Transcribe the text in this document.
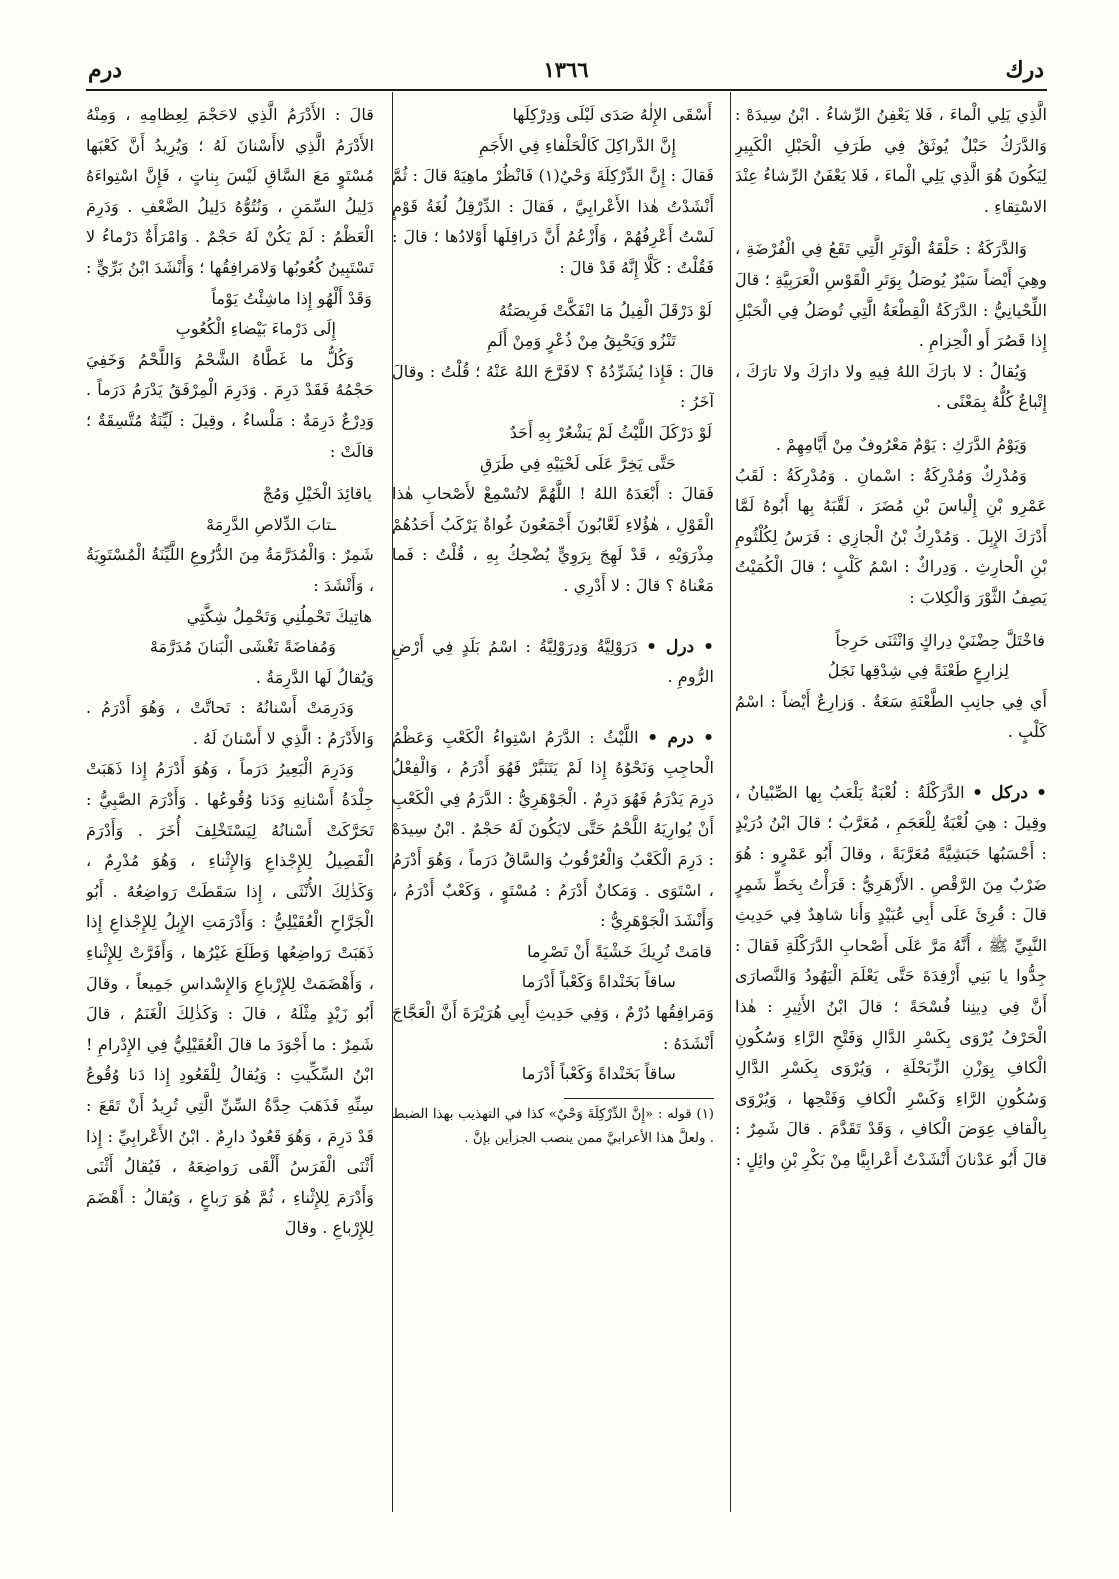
درك
١٣٦٦
درم

الَّذِي يَلِي الْماءَ ، فَلا يَعْفِنُ الرِّشاءُ . ابْنُ سِيدَهْ : وَالدَّرَكُ حَبْلٌ يُوثَقُ فِي طَرَفِ الْحَبْلِ الْكَبِيرِ لِيَكُونَ هُوَ الَّذِي يَلِي الْماءَ ، فَلا يَعْفَنُ الرِّشاءُ عِنْدَ الاسْتِقاءِ .

وَالدَّرَكَةُ : حَلْقَةُ الْوَتَرِ الَّتِي تَقَعُ فِي الْفُرْضَةِ ، وهِيَ أَيْضاً سَيْرٌ يُوصَلُ بِوَتَرِ الْقَوْسِ الْعَرَبِيَّةِ ؛ قالَ اللِّحْيانِيُّ : الدَّرَكَةُ الْقِطْعَةُ الَّتِي تُوصَلُ فِي الْحَبْلِ إِذا قَصُرَ أَو الْحِزامِ .

وَيُقالُ : لا بارَكَ اللهُ فِيهِ ولا دارَكَ ولا تارَكَ ، إِتْباعٌ كُلُّهُ بِمَعْنًى .

وَيَوْمُ الدَّرَكِ : يَوْمٌ مَعْرُوفٌ مِنْ أَيَّامِهِمْ .

وَمُدْرِكٌ وَمُدْرِكَةُ : اسْمانِ . وَمُدْرِكَةُ : لَقَبُ عَمْرِو بْنِ إِلْياسَ بْنِ مُضَرَ ، لَقَّبَهُ بِها أَبُوهُ لَمَّا أَدْرَكَ الإِبِلَ . وَمُدْرِكُ بْنُ الْجازِي : فَرَسُ لِكُلْثُومِ بْنِ الْحارِثِ . وَدِراكٌ : اسْمُ كَلْبٍ ؛ قالَ الْكُمَيْتُ يَصِفُ الثَّوْرَ وَالْكِلابَ :

فاخْتَلَّ حِضْنَيْ دِراكٍ وَانْثَنَى حَرِجاً
لِزارِعٍ طَعْنَةً فِي شِدْقِها نَجَلُ

أَي فِي جانِبِ الطَّعْنَةِ سَعَةٌ . وَزارِعٌ أَيْضاً : اسْمُ كَلْبٍ .

• دركل • الدَّرَكْلَةُ : لُعْبَةٌ يَلْعَبُ بِها الصِّبْيانُ ، وقِيلَ : هِيَ لُعْبَةٌ لِلْعَجَمِ ، مُعَرَّبٌ ؛ قالَ ابْنُ دُرَيْدٍ : أَحْسَبُها حَبَشِيَّةً مُعَرَّبَةً ، وقالَ أَبُو عَمْرٍو : هُوَ ضَرْبٌ مِنَ الرَّقْصِ . الأَزْهَرِيُّ : قَرَأْتُ بِخَطِّ شَمِرٍ قالَ : قُرِئَ عَلَى أَبِي عُبَيْدٍ وَأَنا شاهِدٌ فِي حَدِيثِ النَّبِيِّ ﷺ ، أَنَّهُ مَرَّ عَلَى أَصْحابِ الدَّرَكْلَةِ فَقالَ : جِدُّوا يا بَنِي أَرْفِدَةَ حَتَّى يَعْلَمَ الْيَهُودُ وَالنَّصارَى أَنَّ فِي دِينِنا فُسْحَةً ؛ قالَ ابْنُ الأَثِيرِ : هٰذا الْحَرْفُ يُرْوَى بِكَسْرِ الدَّالِ وَفَتْحِ الرَّاءِ وَسُكُونِ الْكافِ بِوَزْنِ الزِّبَحْلَةِ ، وَيُرْوَى بِكَسْرِ الدَّالِ وَسُكُونِ الرَّاءِ وَكَسْرِ الْكافِ وَفَتْحِها ، وَيُرْوَى بِالْقافِ عِوَضَ الْكافِ ، وَقَدْ تَقَدَّمَ . قالَ شَمِرٌ : قالَ أَبُو عَدْنانَ أَنْشَدْتُ أَعْرابِيًّا مِنْ بَكْرِ بْنِ وائِلٍ :

أَسْقَى الإِلٰهُ صَدَى لَيْلَى وَدِرْكِلَها
إِنَّ الدَّراكِلَ كَالْحَلْفاءِ فِي الأَجَمِ

فَقالَ : إِنَّ الدِّرْكِلَةَ وَحْيٌ(١) فَانْظُرْ ماهِيَهْ قالَ : ثُمَّ أَنْشَدْتُ هٰذا الأَعْرابِيَّ ، فَقالَ : الدِّرْقِلُ لُغَةُ قَوْمٍ لَسْتُ أَعْرِفُهُمْ ، وَأَزْعُمُ أَنَّ دَراقِلَها أَوْلادُها ؛ قالَ : فَقُلْتُ : كَلَّا إِنَّهُ قَدْ قالَ :

لَوْ دَرْقَلَ الْفِيلُ مَا انْفَكَّتْ فَرِيصَتُهُ
تَنْزُو وَيَحْبِقُ مِنْ ذُعْرٍ وَمِنْ أَلَمِ

قالَ : فَإِذا يُشَرِّدُهُ ؟ لافَرَّجَ اللهُ عَنْهُ ؛ قُلْتُ : وقالَ آخَرُ :

لَوْ دَرْكَلَ اللَّيْثُ لَمْ يَشْعُرْ بِهِ أَحَدٌ
حَتَّى يَخِرَّ عَلَى لَحْيَيْهِ فِي طَرَقِ

فَقالَ : أَبْعَدَهُ اللهُ ! اللَّهُمَّ لاتُسْمِعْ لأَصْحابِ هٰذا الْقَوْلِ ، هٰؤُلاءِ لَعَّابُونَ أَجْمَعُونَ غُواةٌ يَرْكَبُ أَحَدُهُمْ مِذْرَوَيْهِ ، قَدْ لَهِجَ بِرَوِيٍّ يُضْحِكُ بِهِ ، قُلْتُ : فَما مَعْناهُ ؟ قالَ : لا أَدْرِي .

• درل • دَرَوْلِيَّةُ وَدِرَوْلِيَّةُ : اسْمُ بَلَدٍ فِي أَرْضِ الرُّومِ .

• درم • اللَّيْثُ : الدَّرَمُ اسْتِواءُ الْكَعْبِ وَعَظْمُ الْحاجِبِ وَنَحْوُهُ إِذا لَمْ يَتَنَبَّرْ فَهُوَ أَدْرَمُ ، وَالْفِعْلُ دَرِمَ يَدْرَمُ فَهُوَ دَرِمٌ . الْجَوْهَرِيُّ : الدَّرَمُ فِي الْكَعْبِ أَنْ يُوارِيَهُ اللَّحْمُ حَتَّى لايَكُونَ لَهُ حَجْمٌ . ابْنُ سِيدَهْ : دَرِمَ الْكَعْبُ وَالْعُرْقُوبُ وَالسَّاقُ دَرَماً ، وَهُوَ أَدْرَمُ ، اسْتَوَى . وَمَكانٌ أَدْرَمُ : مُسْتَوٍ ، وَكَعْبٌ أَدْرَمُ ، وَأَنْشَدَ الْجَوْهَرِيُّ :

قامَتْ تُرِيكَ خَشْيَةً أَنْ تَصْرِما
ساقاً بَخَنْداةً وَكَعْباً أَدْرَما

وَمَرافِقُها دُرْمٌ ، وَفِي حَدِيثِ أَبِي هُرَيْرَةَ أَنَّ الْعَجَّاجَ أَنْشَدَهُ :

ساقاً بَخَنْداةً وَكَعْباً أَدْرَما

(١) قوله : «إِنَّ الدِّرْكِلَةَ وَحْيٌ» كذا في التهذيب بهذا الضبط . ولعلَّ هذا الأعرابيَّ ممن ينصب الجزأين بإنَّ .

قالَ : الأَدْرَمُ الَّذِي لاحَجْمَ لِعِظامِهِ ، وَمِنْهُ الأَدْرَمُ الَّذِي لاأَسْنانَ لَهُ ؛ وَيُرِيدُ أَنَّ كَعْبَها مُسْتَوٍ مَعَ السَّاقِ لَيْسَ بِناتٍ ، فَإِنَّ اسْتِواءَهُ دَلِيلُ السِّمَنِ ، وَنُتُوُّهُ دَلِيلُ الضَّعْفِ . وَدَرِمَ الْعَظْمُ : لَمْ يَكُنْ لَهُ حَجْمٌ . وَامْرَأَةٌ دَرْماءُ لا تَسْتَبِينُ كُعُوبُها وَلامَرافِقُها ؛ وَأَنْشَدَ ابْنُ بَرِّيٍّ :

وَقَدْ أَلْهُو إِذا ماشِئْتُ يَوْماً
إِلَى دَرْماءَ بَيْضاءِ الْكُعُوبِ

وَكُلُّ ما غَطَّاهُ الشَّحْمُ وَاللَّحْمُ وَخَفِيَ حَجْمُهُ فَقَدْ دَرِمَ . وَدَرِمَ الْمِرْفَقُ يَدْرَمُ دَرَماً . وَدِرْعٌ دَرِمَةٌ : مَلْساءُ ، وقِيلَ : لَيِّنَةٌ مُتَّسِقَةٌ ؛ قالَتْ :

ياقائِدَ الْخَيْلِ وَمُجْ
ـتابَ الدِّلاصِ الدَّرِمَهْ

شَمِرٌ : وَالْمُدَرَّمَةُ مِنَ الدُّرُوعِ اللَّيِّنَةُ الْمُسْتَوِيَةُ ، وَأَنْشَدَ :

هاتِيكَ تَحْمِلُنِي وَتَحْمِلُ شِكَّتِي
وَمُفاضَةً تَغْشَى الْبَنانَ مُدَرَّمَهْ

وَيُقالُ لَها الدَّرِمَةُ .

وَدَرِمَتْ أَسْنانُهُ : تَحاتَّتْ ، وَهُوَ أَدْرَمُ . وَالأَدْرَمُ : الَّذِي لا أَسْنانَ لَهُ .

وَدَرِمَ الْبَعِيرُ دَرَماً ، وَهُوَ أَدْرَمُ إِذا ذَهَبَتْ جِلْدَةُ أَسْنانِهِ وَدَنا وُقُوعُها . وَأَدْرَمَ الصَّبِيُّ : تَحَرَّكَتْ أَسْنانُهُ لِيَسْتَخْلِفَ أُخَرَ . وَأَدْرَمَ الْفَصِيلُ لِلإِجْذاعِ وَالإِثْناءِ ، وَهُوَ مُدْرِمٌ ، وَكَذٰلِكَ الأُنْثَى ، إِذا سَقَطَتْ رَواضِعُهُ . أَبُو الْجَرَّاحِ الْعُقَيْلِيُّ : وَأَدْرَمَتِ الإِبِلُ لِلإِجْذاعِ إِذا ذَهَبَتْ رَواضِعُها وَطَلَعَ غَيْرُها ، وَأَفَرَّتْ لِلإِثْناءِ ، وَأَهْضَمَتْ لِلإِرْباعِ وَالإِسْداسِ جَمِيعاً ، وقالَ أَبُو زَيْدٍ مِثْلَهُ ، قالَ : وَكَذٰلِكَ الْغَنَمُ ، قالَ شَمِرٌ : ما أَجْوَدَ ما قالَ الْعُقَيْلِيُّ فِي الإِدْرامِ ! ابْنُ السِّكِّيتِ : وَيُقالُ لِلْقَعُودِ إِذا دَنا وُقُوعُ سِنِّهِ فَذَهَبَ حِدَّةُ السِّنِّ الَّتِي تُرِيدُ أَنْ تَقَعَ : قَدْ دَرِمَ ، وَهُوَ قَعُودٌ دارِمٌ . ابْنُ الأَعْرابِيِّ : إِذا أَثْنَى الْفَرَسُ أَلْقَى رَواضِعَهُ ، فَيُقالُ أَثْنَى وَأَدْرَمَ لِلإِثْناءِ ، ثُمَّ هُوَ رَباعٍ ، وَيُقالُ : أَهْضَمَ لِلإِرْباعِ . وقالَ
